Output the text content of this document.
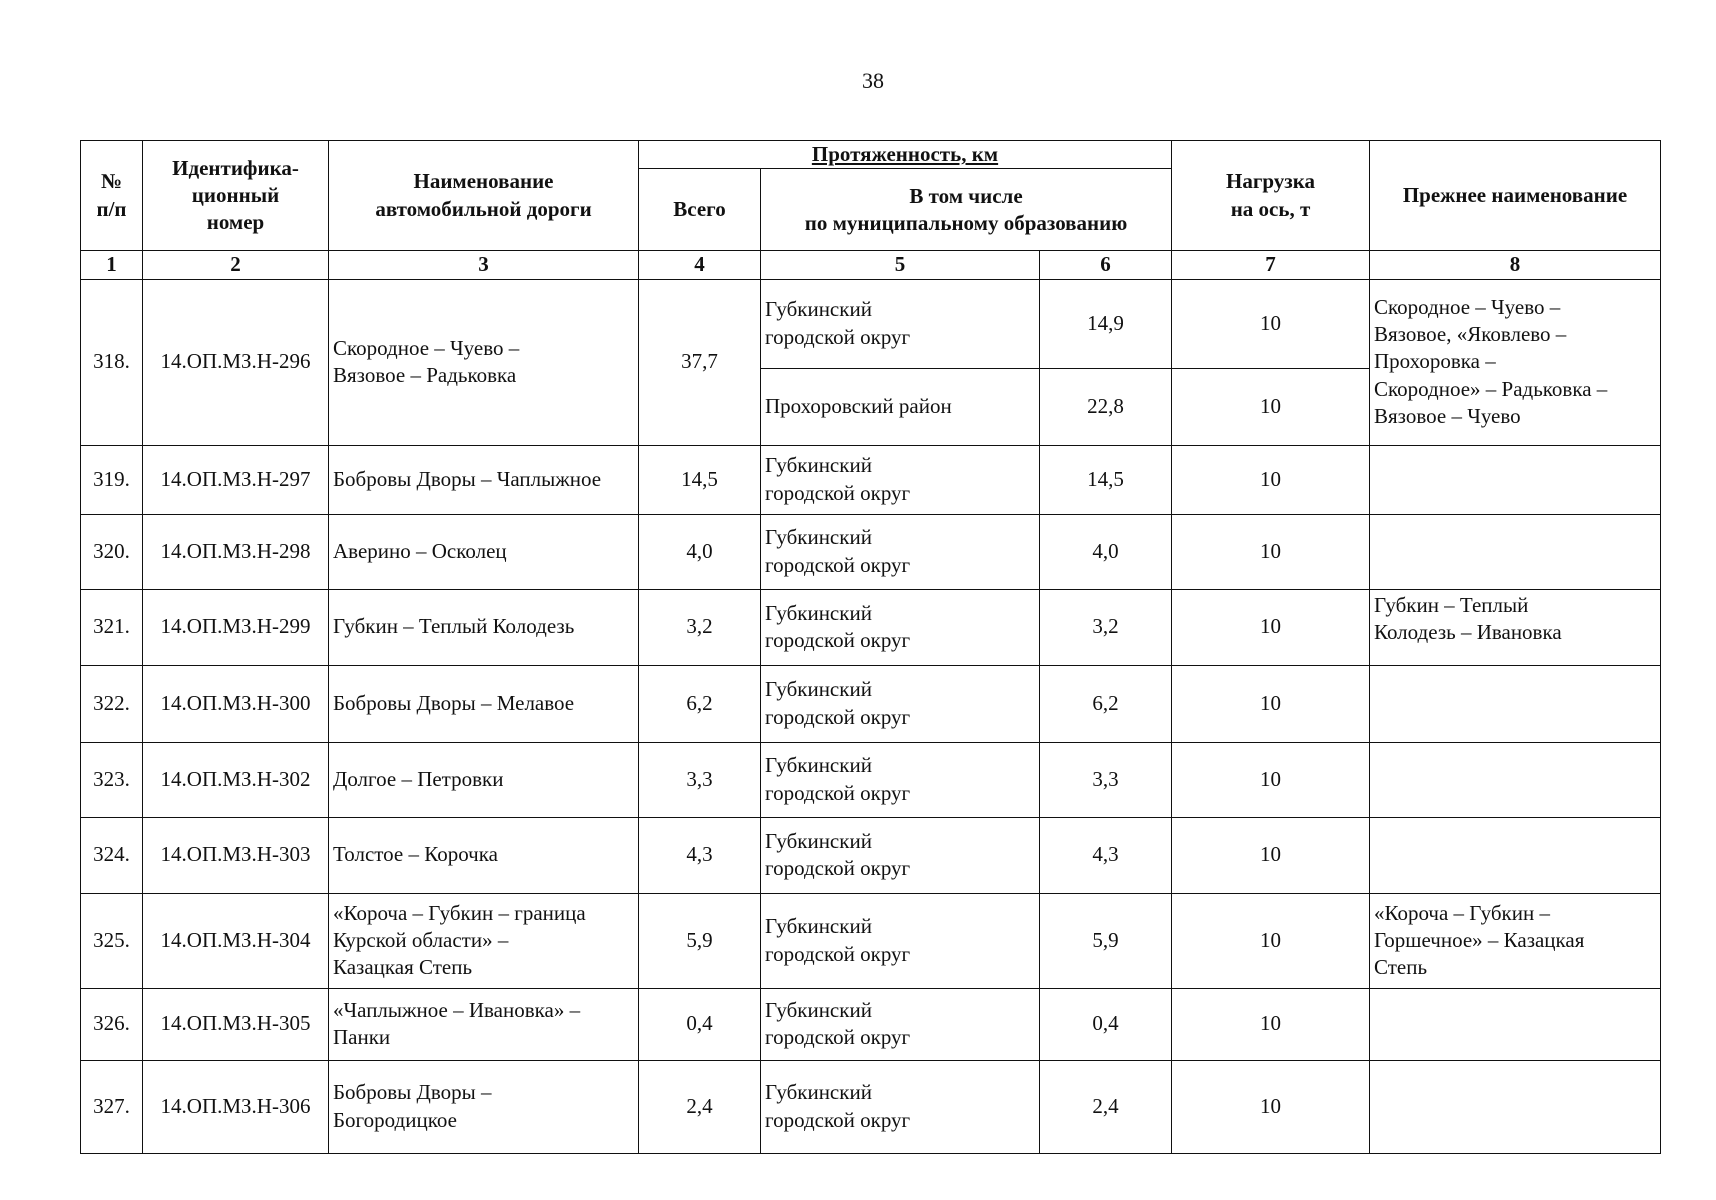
38
№
п/п	Идентифика-
ционный
номер	Наименование
автомобильной дороги	Протяженность, км			Нагрузка
на ось, т	Прежнее наименование
			Всего	В том числе
по муниципальному образованию			
1	2	3	4	5	6	7	8
318.	14.ОП.МЗ.Н-296	Скородное – Чуево –
Вязовое – Радьковка	37,7	Губкинский
городской округ	14,9	10	Скородное – Чуево –
Вязовое, «Яковлево –
Прохоровка –
Скородное» – Радьковка –
Вязовое – Чуево
				Прохоровский район	22,8	10	
319.	14.ОП.МЗ.Н-297	Бобровы Дворы – Чаплыжное	14,5	Губкинский
городской округ	14,5	10	
320.	14.ОП.МЗ.Н-298	Аверино – Осколец	4,0	Губкинский
городской округ	4,0	10	
321.	14.ОП.МЗ.Н-299	Губкин – Теплый Колодезь	3,2	Губкинский
городской округ	3,2	10	Губкин – Теплый
Колодезь – Ивановка
322.	14.ОП.МЗ.Н-300	Бобровы Дворы – Мелавое	6,2	Губкинский
городской округ	6,2	10	
323.	14.ОП.МЗ.Н-302	Долгое – Петровки	3,3	Губкинский
городской округ	3,3	10	
324.	14.ОП.МЗ.Н-303	Толстое – Корочка	4,3	Губкинский
городской округ	4,3	10	
325.	14.ОП.МЗ.Н-304	«Короча – Губкин – граница
Курской области» –
Казацкая Степь	5,9	Губкинский
городской округ	5,9	10	«Короча – Губкин –
Горшечное» – Казацкая
Степь
326.	14.ОП.МЗ.Н-305	«Чаплыжное – Ивановка» –
Панки	0,4	Губкинский
городской округ	0,4	10	
327.	14.ОП.МЗ.Н-306	Бобровы Дворы –
Богородицкое	2,4	Губкинский
городской округ	2,4	10	
